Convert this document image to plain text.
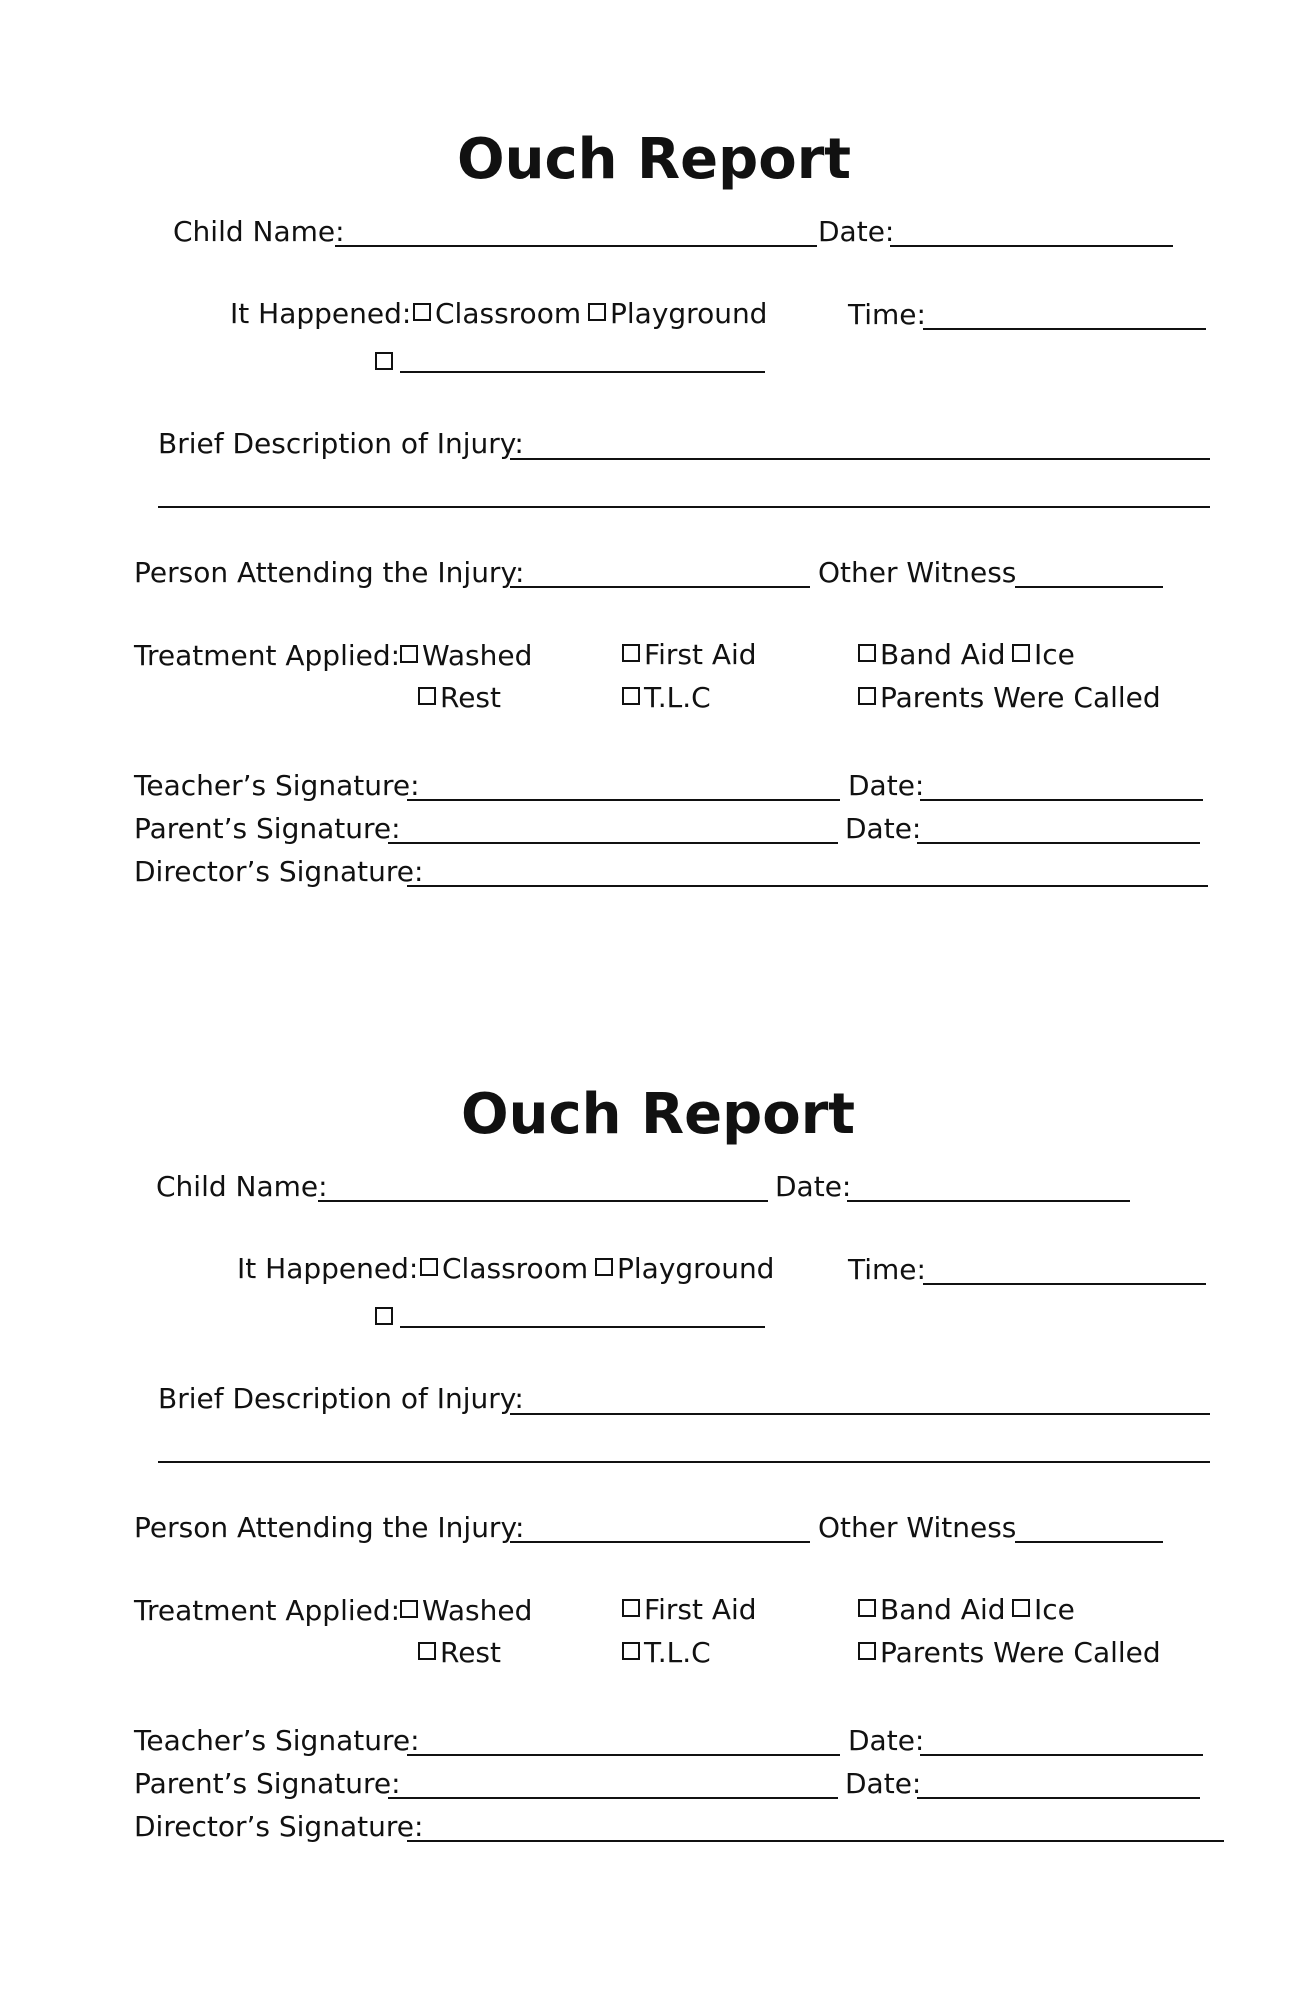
Ouch Report
Child Name:	Date:
It Happened: Classroom	Playground	Time:
Brief Description of Injury:
Person Attending the Injury:	Other Witness
Treatment Applied: Washed	First Aid	Band Aid	Ice
Rest	T.L.C	Parents Were Called
Teacher’s Signature:	Date:
Parent’s Signature:	Date:
Director’s Signature:
Ouch Report
Child Name:	Date:
It Happened: Classroom	Playground	Time:
Brief Description of Injury:
Person Attending the Injury:	Other Witness
Treatment Applied: Washed	First Aid	Band Aid	Ice
Rest	T.L.C	Parents Were Called
Teacher’s Signature:	Date:
Parent’s Signature:	Date:
Director’s Signature:
